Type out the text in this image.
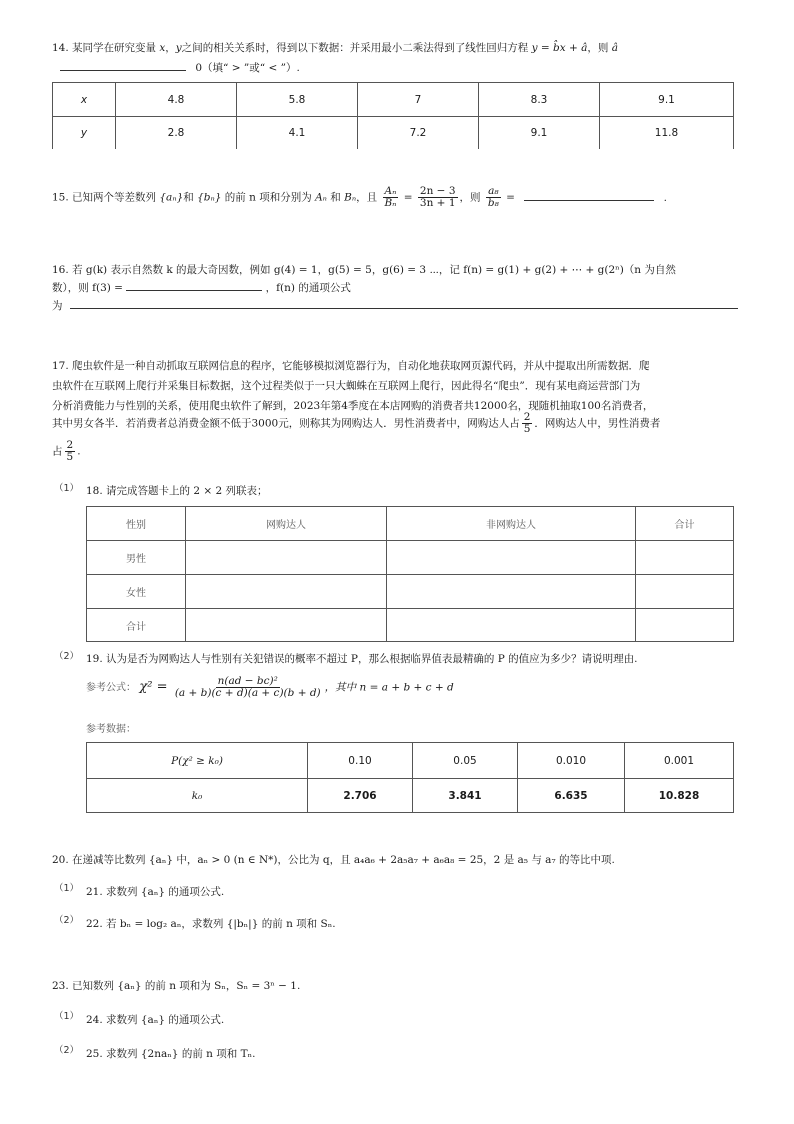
14. 某同学在研究变量 x，y之间的相关关系时，得到以下数据：并采用最小二乘法得到了线性回归方程 y = b̂x + â，则 â
0（填“ > ”或“ < ”）.
x	4.8	5.8	7	8.3	9.1
y	2.8	4.1	7.2	9.1	11.8
15. 已知两个等差数列 {aₙ}和 {bₙ} 的前 n 项和分别为 Aₙ 和 Bₙ，且 $\frac{\text{Aₙ}}{\text{Bₙ}} = \frac{2n - 3}{3n + 1}$ ，则 $\frac{\text{a₈}}{\text{b₈}}$ =	.
16. 若 g(k) 表示自然数 k 的最大奇因数，例如 g(4) = 1，g(5) = 5，g(6) = 3 ⋯，记 f(n) = g(1) + g(2) + ⋯ + g(2ⁿ)（n 为自然
数），则 f(3) =	，f(n) 的通项公式
为
17. 爬虫软件是一种自动抓取互联网信息的程序，它能够模拟浏览器行为，自动化地获取网页源代码，并从中提取出所需数据．爬
虫软件在互联网上爬行并采集目标数据，这个过程类似于一只大蜘蛛在互联网上爬行，因此得名“爬虫”．现有某电商运营部门为
分析消费能力与性别的关系，使用爬虫软件了解到，2023年第4季度在本店网购的消费者共12000名，现随机抽取100名消费者，
其中男女各半．若消费者总消费金额不低于3000元，则称其为网购达人．男性消费者中，网购达人占 $\frac{2}{5}$ ．网购达人中，男性消费者
占 $\frac{2}{5}$ .
（1） 18. 请完成答题卡上的 2 × 2 列联表；
性别	网购达人	非网购达人	合计
男性			
女性			
合计			
（2） 19. 认为是否为网购达人与性别有关犯错误的概率不超过 P，那么根据临界值表最精确的 P 的值应为多少？请说明理由.
参考公式： $\chi^2 = \frac{\text{n(ad − bc)²}}{(a + b)(c + d)(a + c)(b + d)}$ ，其中 n = a + b + c + d
参考数据：
P(χ² ≥ k₀)	0.10	0.05	0.010	0.001
k₀	2.706	3.841	6.635	10.828
20. 在递减等比数列 {aₙ} 中，aₙ > 0 (n ∈ N*)，公比为 q，且 a₄a₆ + 2a₅a₇ + a₆a₈ = 25，2 是 a₅ 与 a₇ 的等比中项.
（1） 21. 求数列 {aₙ} 的通项公式.
（2） 22. 若 bₙ = log₂ aₙ，求数列 {|bₙ|} 的前 n 项和 Sₙ.
23. 已知数列 {aₙ} 的前 n 项和为 Sₙ，Sₙ = 3ⁿ − 1.
（1） 24. 求数列 {aₙ} 的通项公式.
（2） 25. 求数列 {2naₙ} 的前 n 项和 Tₙ.
